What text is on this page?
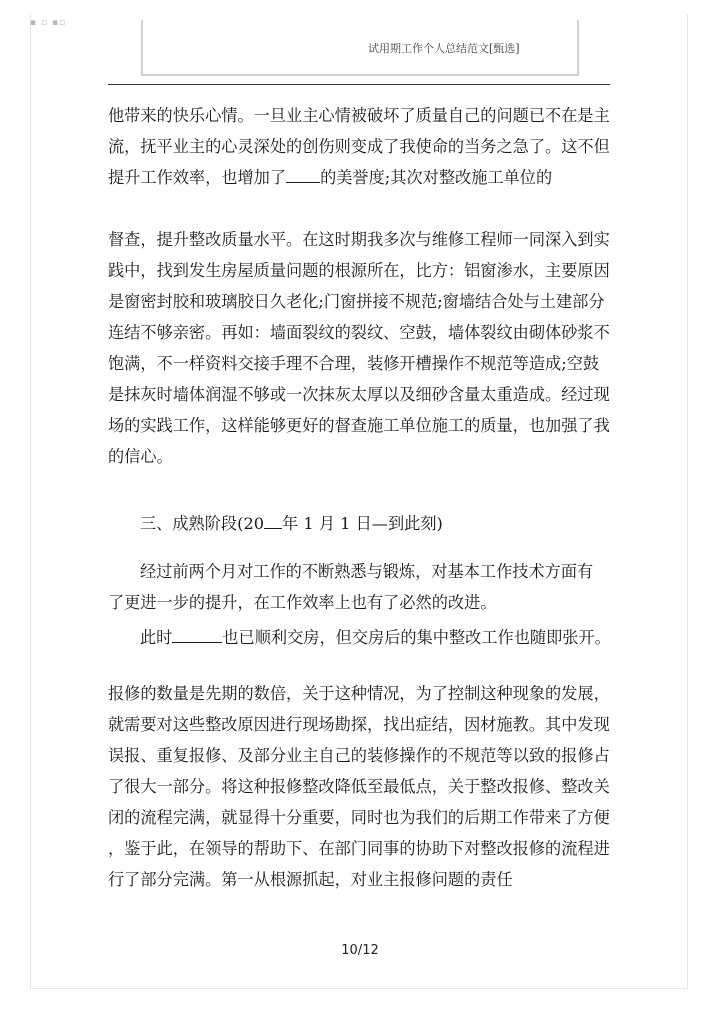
▪ ▫ ▪▫
试用期工作个人总结范文[甄选]
他带来的快乐心情。一旦业主心情被破坏了质量自己的问题已不在是主
流，抚平业主的心灵深处的创伤则变成了我使命的当务之急了。这不但
提升工作效率，也增加了 的美誉度;其次对整改施工单位的
督查，提升整改质量水平。在这时期我多次与维修工程师一同深入到实
践中，找到发生房屋质量问题的根源所在，比方：铝窗渗水，主要原因
是窗密封胶和玻璃胶日久老化;门窗拼接不规范;窗墙结合处与土建部分
连结不够亲密。再如：墙面裂纹的裂纹、空鼓，墙体裂纹由砌体砂浆不
饱满，不一样资料交接手理不合理，装修开槽操作不规范等造成;空鼓
是抹灰时墙体润湿不够或一次抹灰太厚以及细砂含量太重造成。经过现
场的实践工作，这样能够更好的督查施工单位施工的质量，也加强了我
的信心。
三、成熟阶段(20 年 1 月 1 日—到此刻)
经过前两个月对工作的不断熟悉与锻炼，对基本工作技术方面有
了更进一步的提升，在工作效率上也有了必然的改进。
此时	也已顺利交房，但交房后的集中整改工作也随即张开。
报修的数量是先期的数倍，关于这种情况，为了控制这种现象的发展，
就需要对这些整改原因进行现场勘探，找出症结，因材施教。其中发现
误报、重复报修、及部分业主自己的装修操作的不规范等以致的报修占
了很大一部分。将这种报修整改降低至最低点，关于整改报修、整改关
闭的流程完满，就显得十分重要，同时也为我们的后期工作带来了方便
，鉴于此，在领导的帮助下、在部门同事的协助下对整改报修的流程进
行了部分完满。第一从根源抓起，对业主报修问题的责任
10/12
